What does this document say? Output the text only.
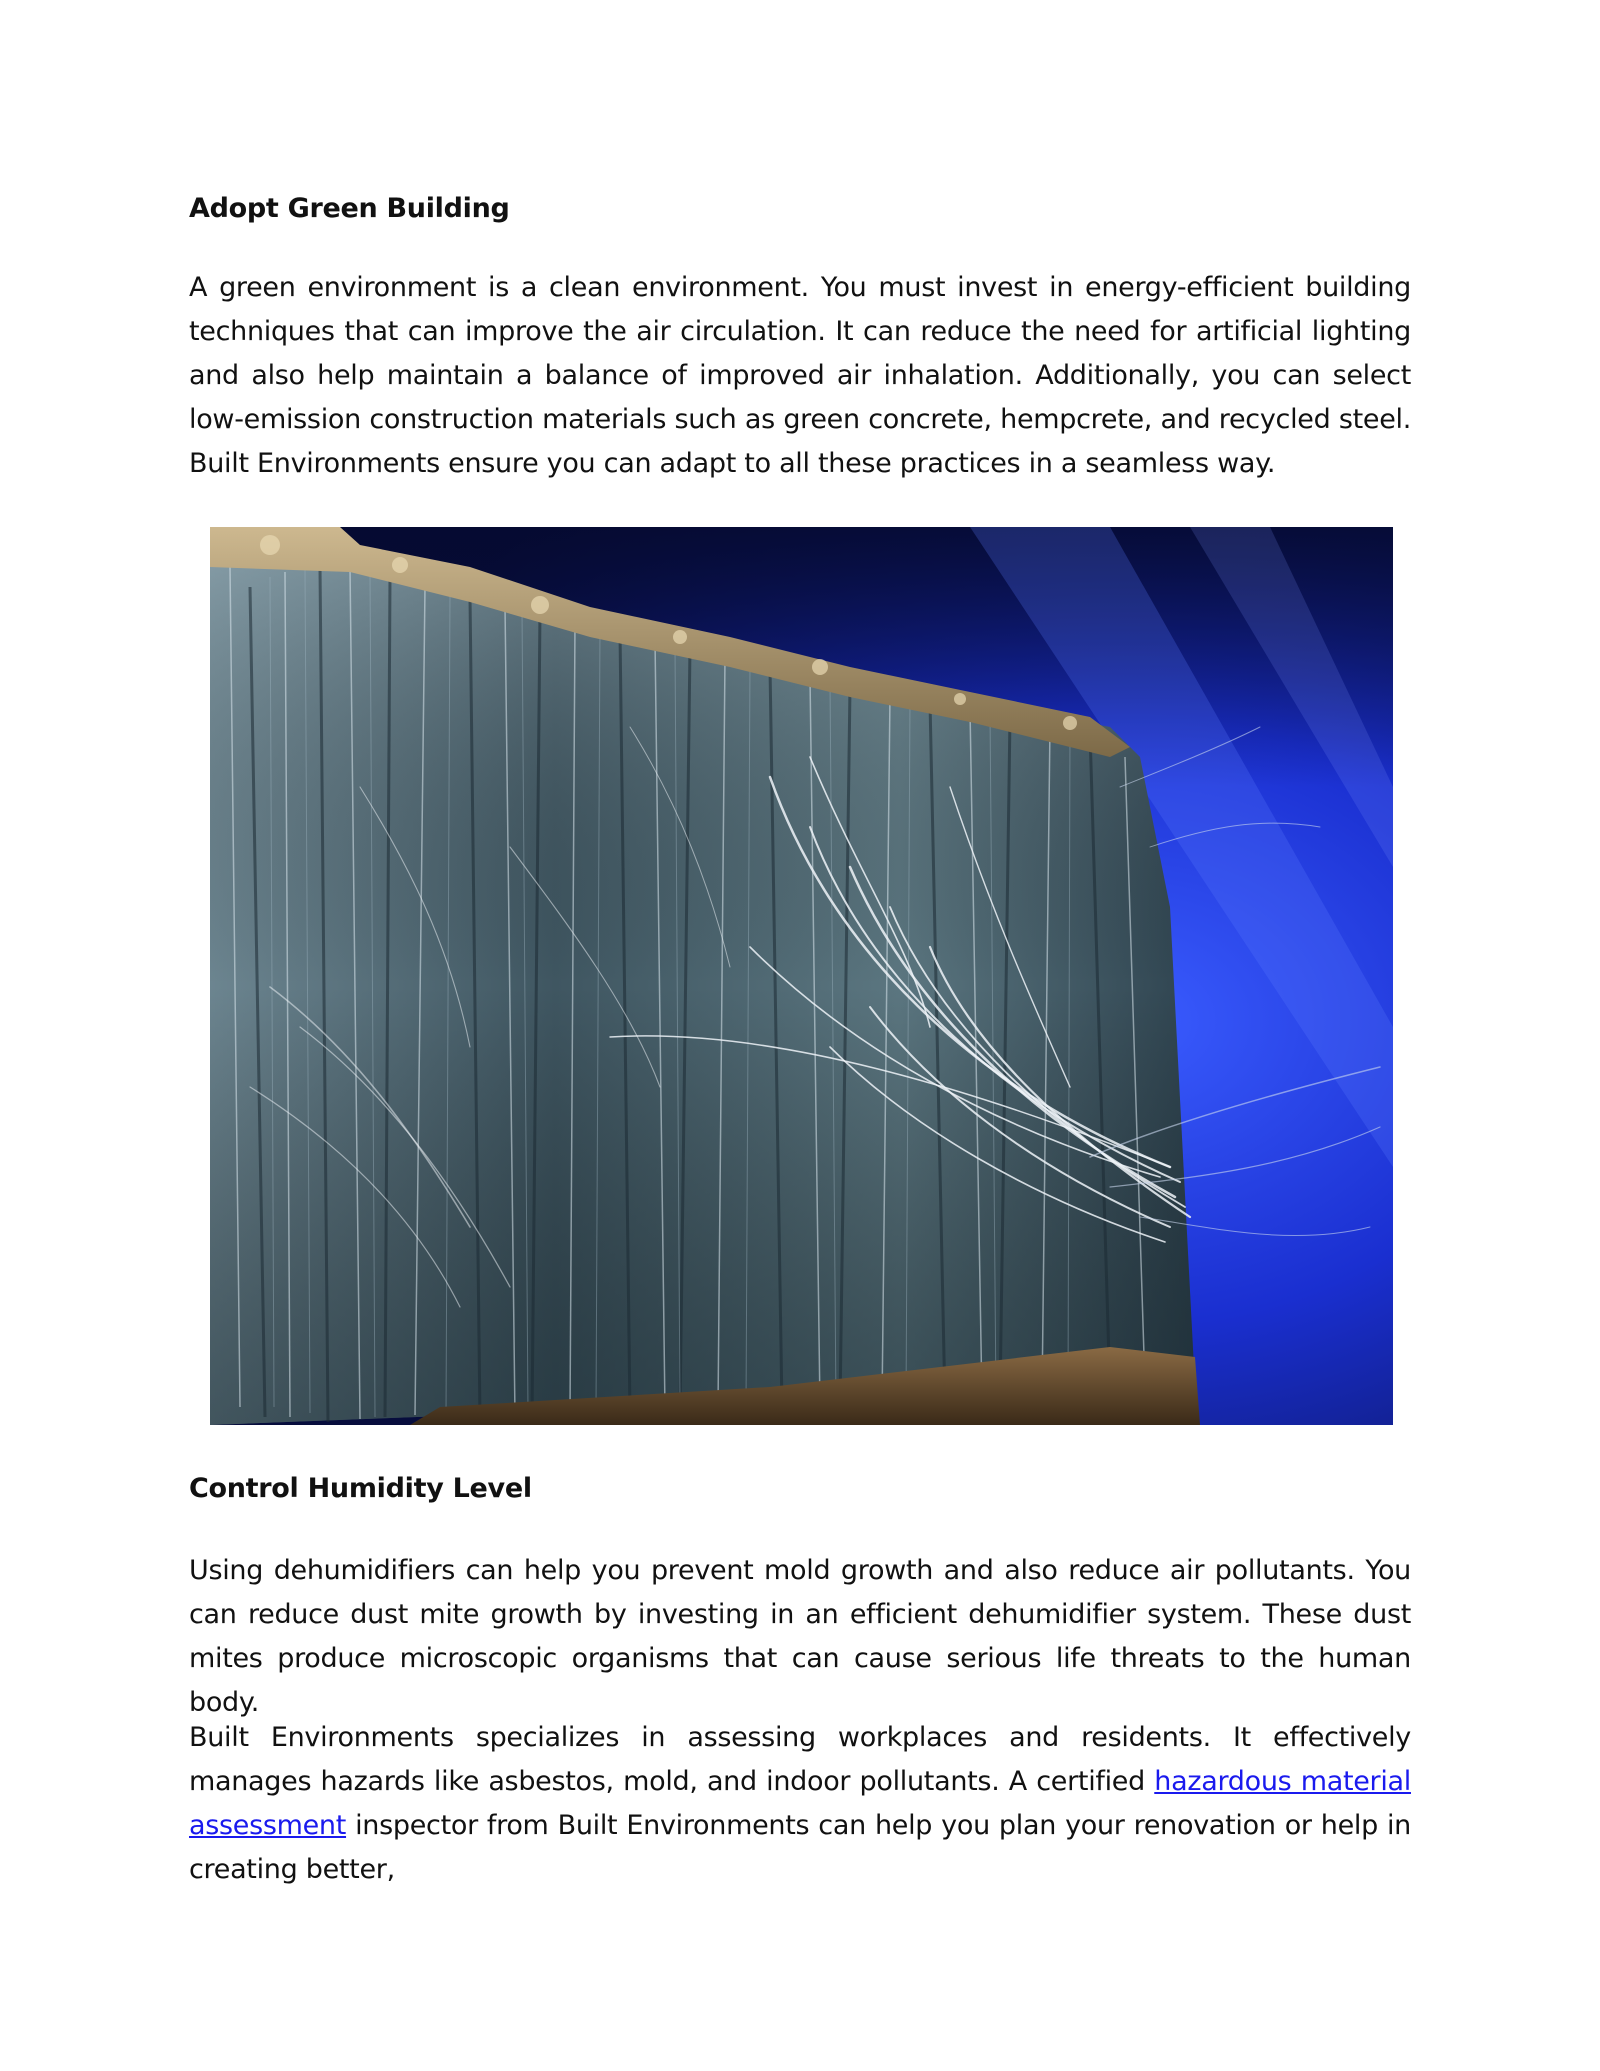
Adopt Green Building

A green environment is a clean environment. You must invest in energy-efficient building techniques that can improve the air circulation. It can reduce the need for artificial lighting and also help maintain a balance of improved air inhalation. Additionally, you can select low-emission construction materials such as green concrete, hempcrete, and recycled steel. Built Environments ensure you can adapt to all these practices in a seamless way.

Control Humidity Level

Using dehumidifiers can help you prevent mold growth and also reduce air pollutants. You can reduce dust mite growth by investing in an efficient dehumidifier system. These dust mites produce microscopic organisms that can cause serious life threats to the human body.

Built Environments specializes in assessing workplaces and residents. It effectively manages hazards like asbestos, mold, and indoor pollutants. A certified hazardous material assessment inspector from Built Environments can help you plan your renovation or help in creating better,
